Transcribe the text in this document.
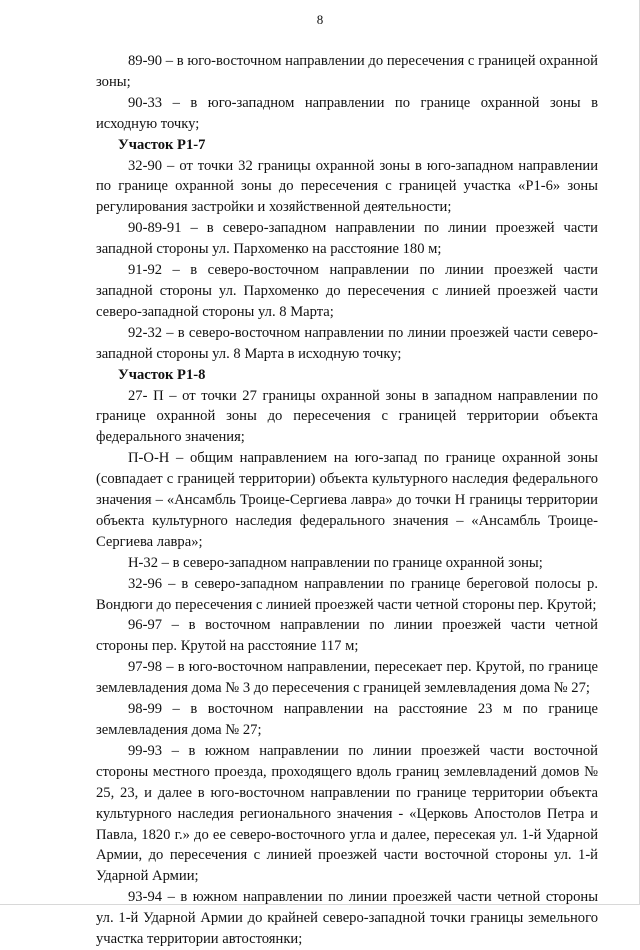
8

89-90 – в юго-восточном направлении до пересечения с границей охранной зоны;

90-33 – в юго-западном направлении по границе охранной зоны в исходную точку;

Участок Р1-7

32-90 – от точки 32 границы охранной зоны в юго-западном направлении по границе охранной зоны до пересечения с границей участка «Р1-6» зоны регулирования застройки и хозяйственной деятельности;

90-89-91 – в северо-западном направлении по линии проезжей части западной стороны ул. Пархоменко на расстояние 180 м;

91-92 – в северо-восточном направлении по линии проезжей части западной стороны ул. Пархоменко до пересечения с линией проезжей части северо-западной стороны ул. 8 Марта;

92-32 – в северо-восточном направлении по линии проезжей части северо-западной стороны ул. 8 Марта в исходную точку;

Участок Р1-8

27- П – от точки 27 границы охранной зоны в западном направлении по границе охранной зоны до пересечения с границей территории объекта федерального значения;

П-О-Н – общим направлением на юго-запад по границе охранной зоны (совпадает с границей территории) объекта культурного наследия федерального значения – «Ансамбль Троице-Сергиева лавра» до точки Н границы территории объекта культурного наследия федерального значения – «Ансамбль Троице-Сергиева лавра»;

Н-32 – в северо-западном направлении по границе охранной зоны;

32-96 – в северо-западном направлении по границе береговой полосы р. Вондюги до пересечения с линией проезжей части четной стороны пер. Крутой;

96-97 – в восточном направлении по линии проезжей части четной стороны пер. Крутой на расстояние 117 м;

97-98 – в юго-восточном направлении, пересекает пер. Крутой, по границе землевладения дома № 3 до пересечения с границей землевладения дома № 27;

98-99 – в восточном направлении на расстояние 23 м по границе землевладения дома № 27;

99-93 – в южном направлении по линии проезжей части восточной стороны местного проезда, проходящего вдоль границ землевладений домов № 25, 23, и далее в юго-восточном направлении по границе территории объекта культурного наследия регионального значения - «Церковь Апостолов Петра и Павла, 1820 г.» до ее северо-восточного угла и далее, пересекая ул. 1-й Ударной Армии, до пересечения с линией проезжей части восточной стороны ул. 1-й Ударной Армии;

93-94 – в южном направлении по линии проезжей части четной стороны ул. 1-й Ударной Армии до крайней северо-западной точки границы земельного участка территории автостоянки;
